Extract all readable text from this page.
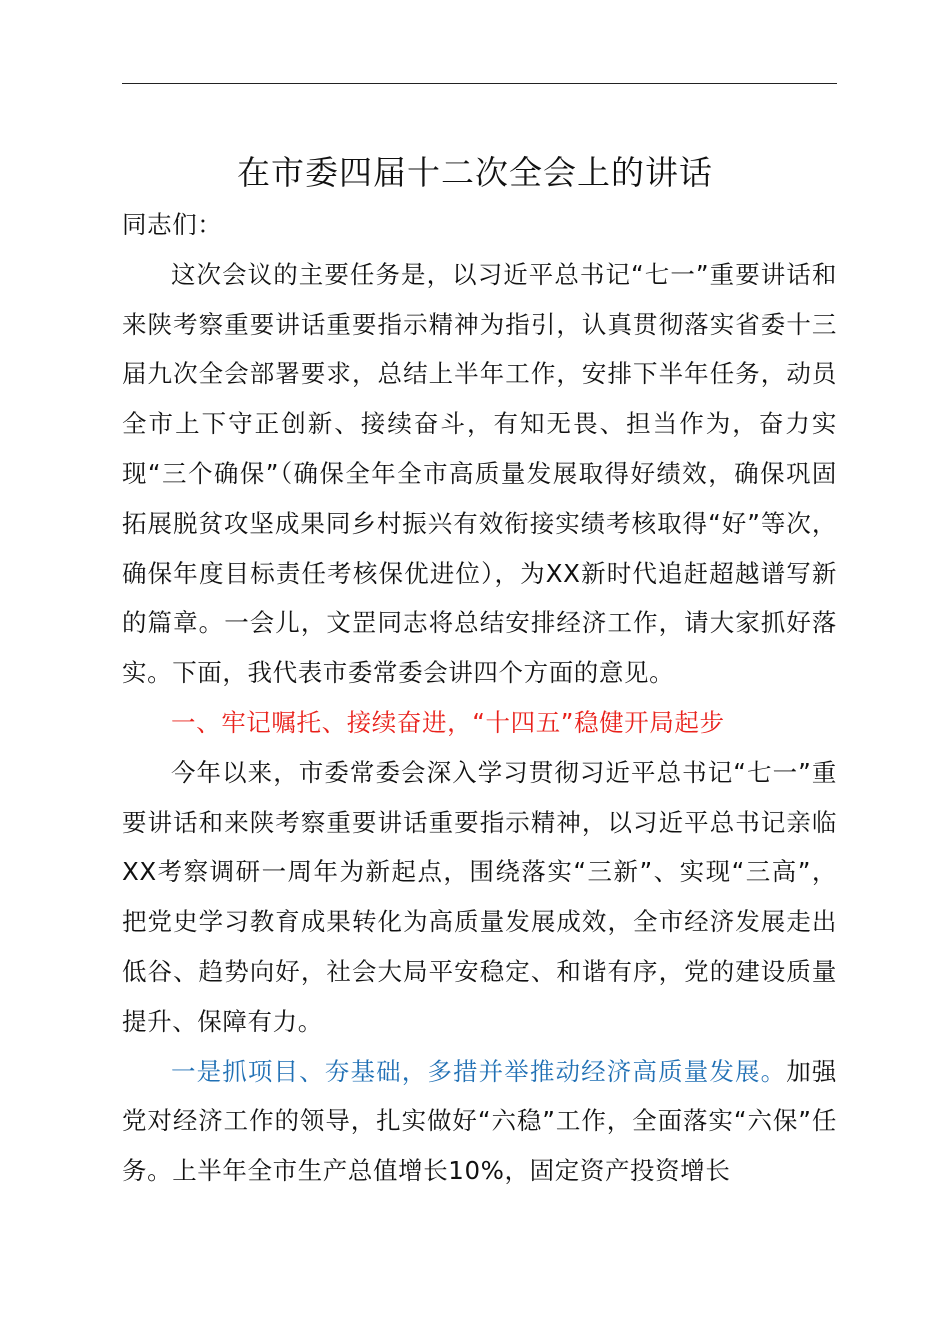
在市委四届十二次全会上的讲话

同志们：

这次会议的主要任务是，以习近平总书记“七一”重要讲话和来陕考察重要讲话重要指示精神为指引，认真贯彻落实省委十三届九次全会部署要求，总结上半年工作，安排下半年任务，动员全市上下守正创新、接续奋斗，有知无畏、担当作为，奋力实现“三个确保”（确保全年全市高质量发展取得好绩效，确保巩固拓展脱贫攻坚成果同乡村振兴有效衔接实绩考核取得“好”等次，确保年度目标责任考核保优进位），为XX新时代追赶超越谱写新的篇章。一会儿，文罡同志将总结安排经济工作，请大家抓好落实。下面，我代表市委常委会讲四个方面的意见。

一、牢记嘱托、接续奋进，“十四五”稳健开局起步

今年以来，市委常委会深入学习贯彻习近平总书记“七一”重要讲话和来陕考察重要讲话重要指示精神，以习近平总书记亲临XX考察调研一周年为新起点，围绕落实“三新”、实现“三高”，把党史学习教育成果转化为高质量发展成效，全市经济发展走出低谷、趋势向好，社会大局平安稳定、和谐有序，党的建设质量提升、保障有力。

一是抓项目、夯基础，多措并举推动经济高质量发展。加强党对经济工作的领导，扎实做好“六稳”工作，全面落实“六保”任务。上半年全市生产总值增长10%，固定资产投资增长
